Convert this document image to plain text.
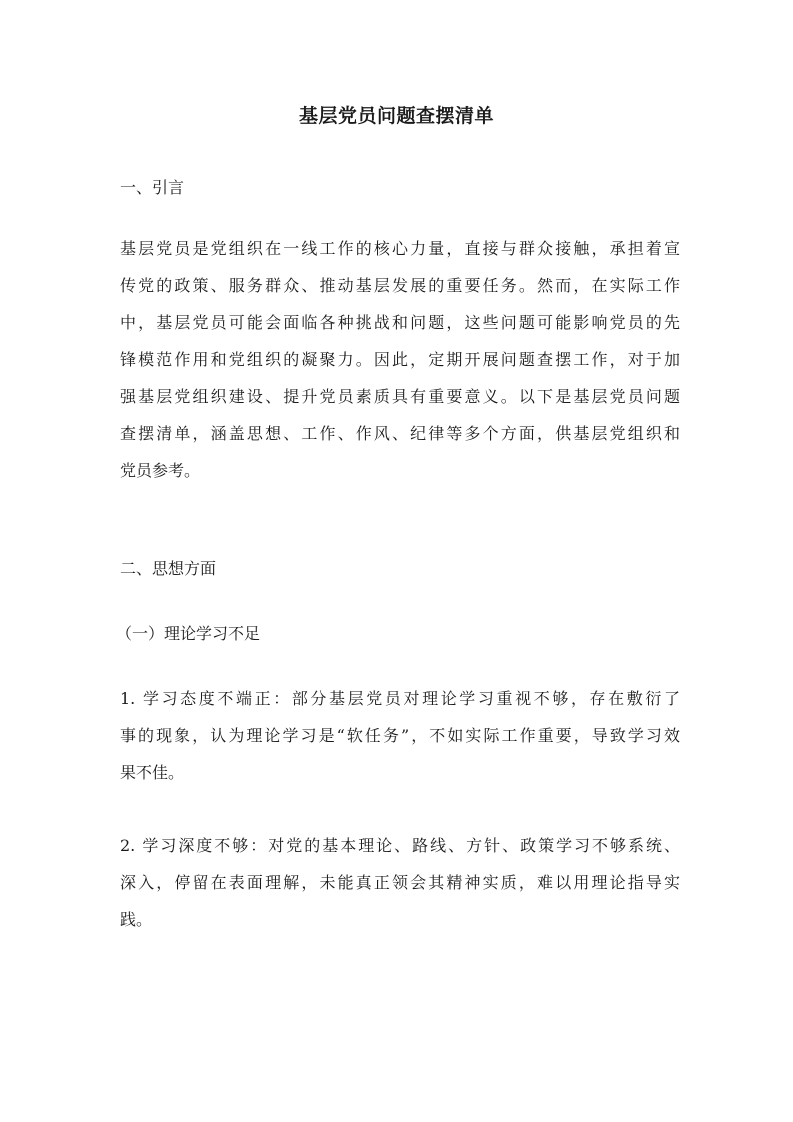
基层党员问题查摆清单
一、引言
基层党员是党组织在一线工作的核心力量，直接与群众接触，承担着宣
传党的政策、服务群众、推动基层发展的重要任务。然而，在实际工作
中，基层党员可能会面临各种挑战和问题，这些问题可能影响党员的先
锋模范作用和党组织的凝聚力。因此，定期开展问题查摆工作，对于加
强基层党组织建设、提升党员素质具有重要意义。以下是基层党员问题
查摆清单，涵盖思想、工作、作风、纪律等多个方面，供基层党组织和
党员参考。
二、思想方面
（一）理论学习不足
1. 学习态度不端正：部分基层党员对理论学习重视不够，存在敷衍了
事的现象，认为理论学习是“软任务”，不如实际工作重要，导致学习效
果不佳。
2. 学习深度不够：对党的基本理论、路线、方针、政策学习不够系统、
深入，停留在表面理解，未能真正领会其精神实质，难以用理论指导实
践。
